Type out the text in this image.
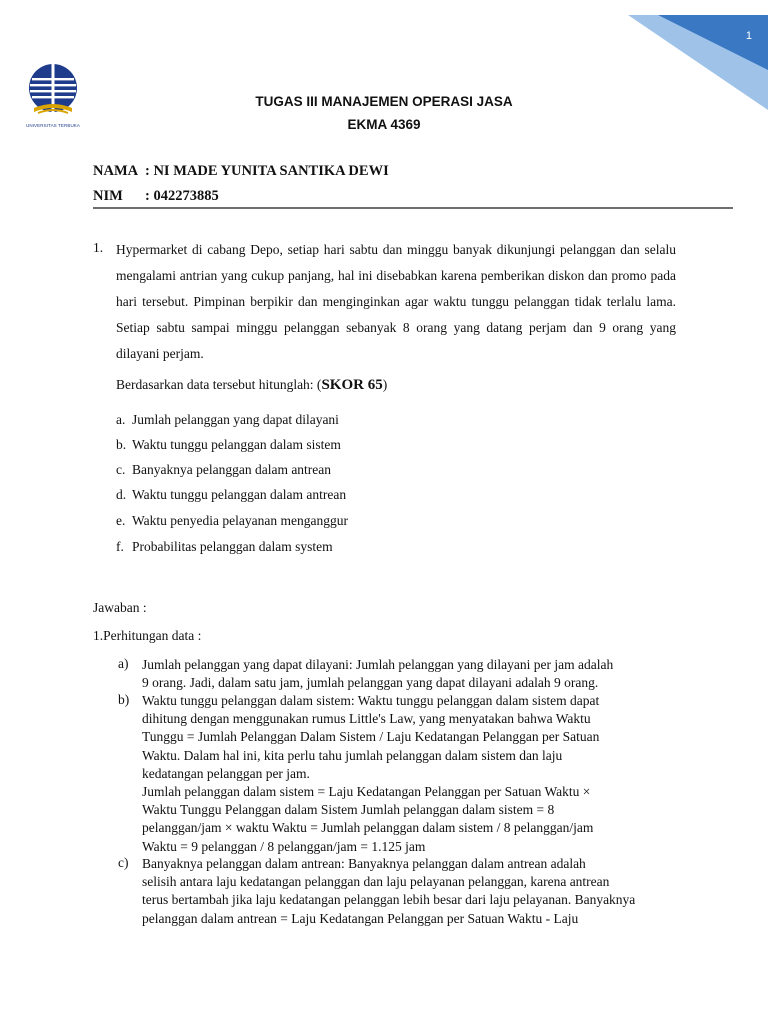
1
UNIVERSITAS TERBUKA
TUGAS III MANAJEMEN OPERASI JASA
EKMA 4369
NAMA : NI MADE YUNITA SANTIKA DEWI
NIM : 042273885
1. Hypermarket di cabang Depo, setiap hari sabtu dan minggu banyak dikunjungi pelanggan dan selalu mengalami antrian yang cukup panjang, hal ini disebabkan karena pemberikan diskon dan promo pada hari tersebut. Pimpinan berpikir dan menginginkan agar waktu tunggu pelanggan tidak terlalu lama. Setiap sabtu sampai minggu pelanggan sebanyak 8 orang yang datang perjam dan 9 orang yang dilayani perjam.

Berdasarkan data tersebut hitunglah: (SKOR 65)
a. Jumlah pelanggan yang dapat dilayani
b. Waktu tunggu pelanggan dalam sistem
c. Banyaknya pelanggan dalam antrean
d. Waktu tunggu pelanggan dalam antrean
e. Waktu penyedia pelayanan menganggur
f. Probabilitas pelanggan dalam system
Jawaban :
1.Perhitungan data :
a) Jumlah pelanggan yang dapat dilayani: Jumlah pelanggan yang dilayani per jam adalah
9 orang. Jadi, dalam satu jam, jumlah pelanggan yang dapat dilayani adalah 9 orang.
b) Waktu tunggu pelanggan dalam sistem: Waktu tunggu pelanggan dalam sistem dapat
dihitung dengan menggunakan rumus Little's Law, yang menyatakan bahwa Waktu
Tunggu = Jumlah Pelanggan Dalam Sistem / Laju Kedatangan Pelanggan per Satuan
Waktu. Dalam hal ini, kita perlu tahu jumlah pelanggan dalam sistem dan laju
kedatangan pelanggan per jam.
Jumlah pelanggan dalam sistem = Laju Kedatangan Pelanggan per Satuan Waktu ×
Waktu Tunggu Pelanggan dalam Sistem Jumlah pelanggan dalam sistem = 8
pelanggan/jam × waktu Waktu = Jumlah pelanggan dalam sistem / 8 pelanggan/jam
Waktu = 9 pelanggan / 8 pelanggan/jam = 1.125 jam
c) Banyaknya pelanggan dalam antrean: Banyaknya pelanggan dalam antrean adalah
selisih antara laju kedatangan pelanggan dan laju pelayanan pelanggan, karena antrean
terus bertambah jika laju kedatangan pelanggan lebih besar dari laju pelayanan. Banyaknya
pelanggan dalam antrean = Laju Kedatangan Pelanggan per Satuan Waktu - Laju
